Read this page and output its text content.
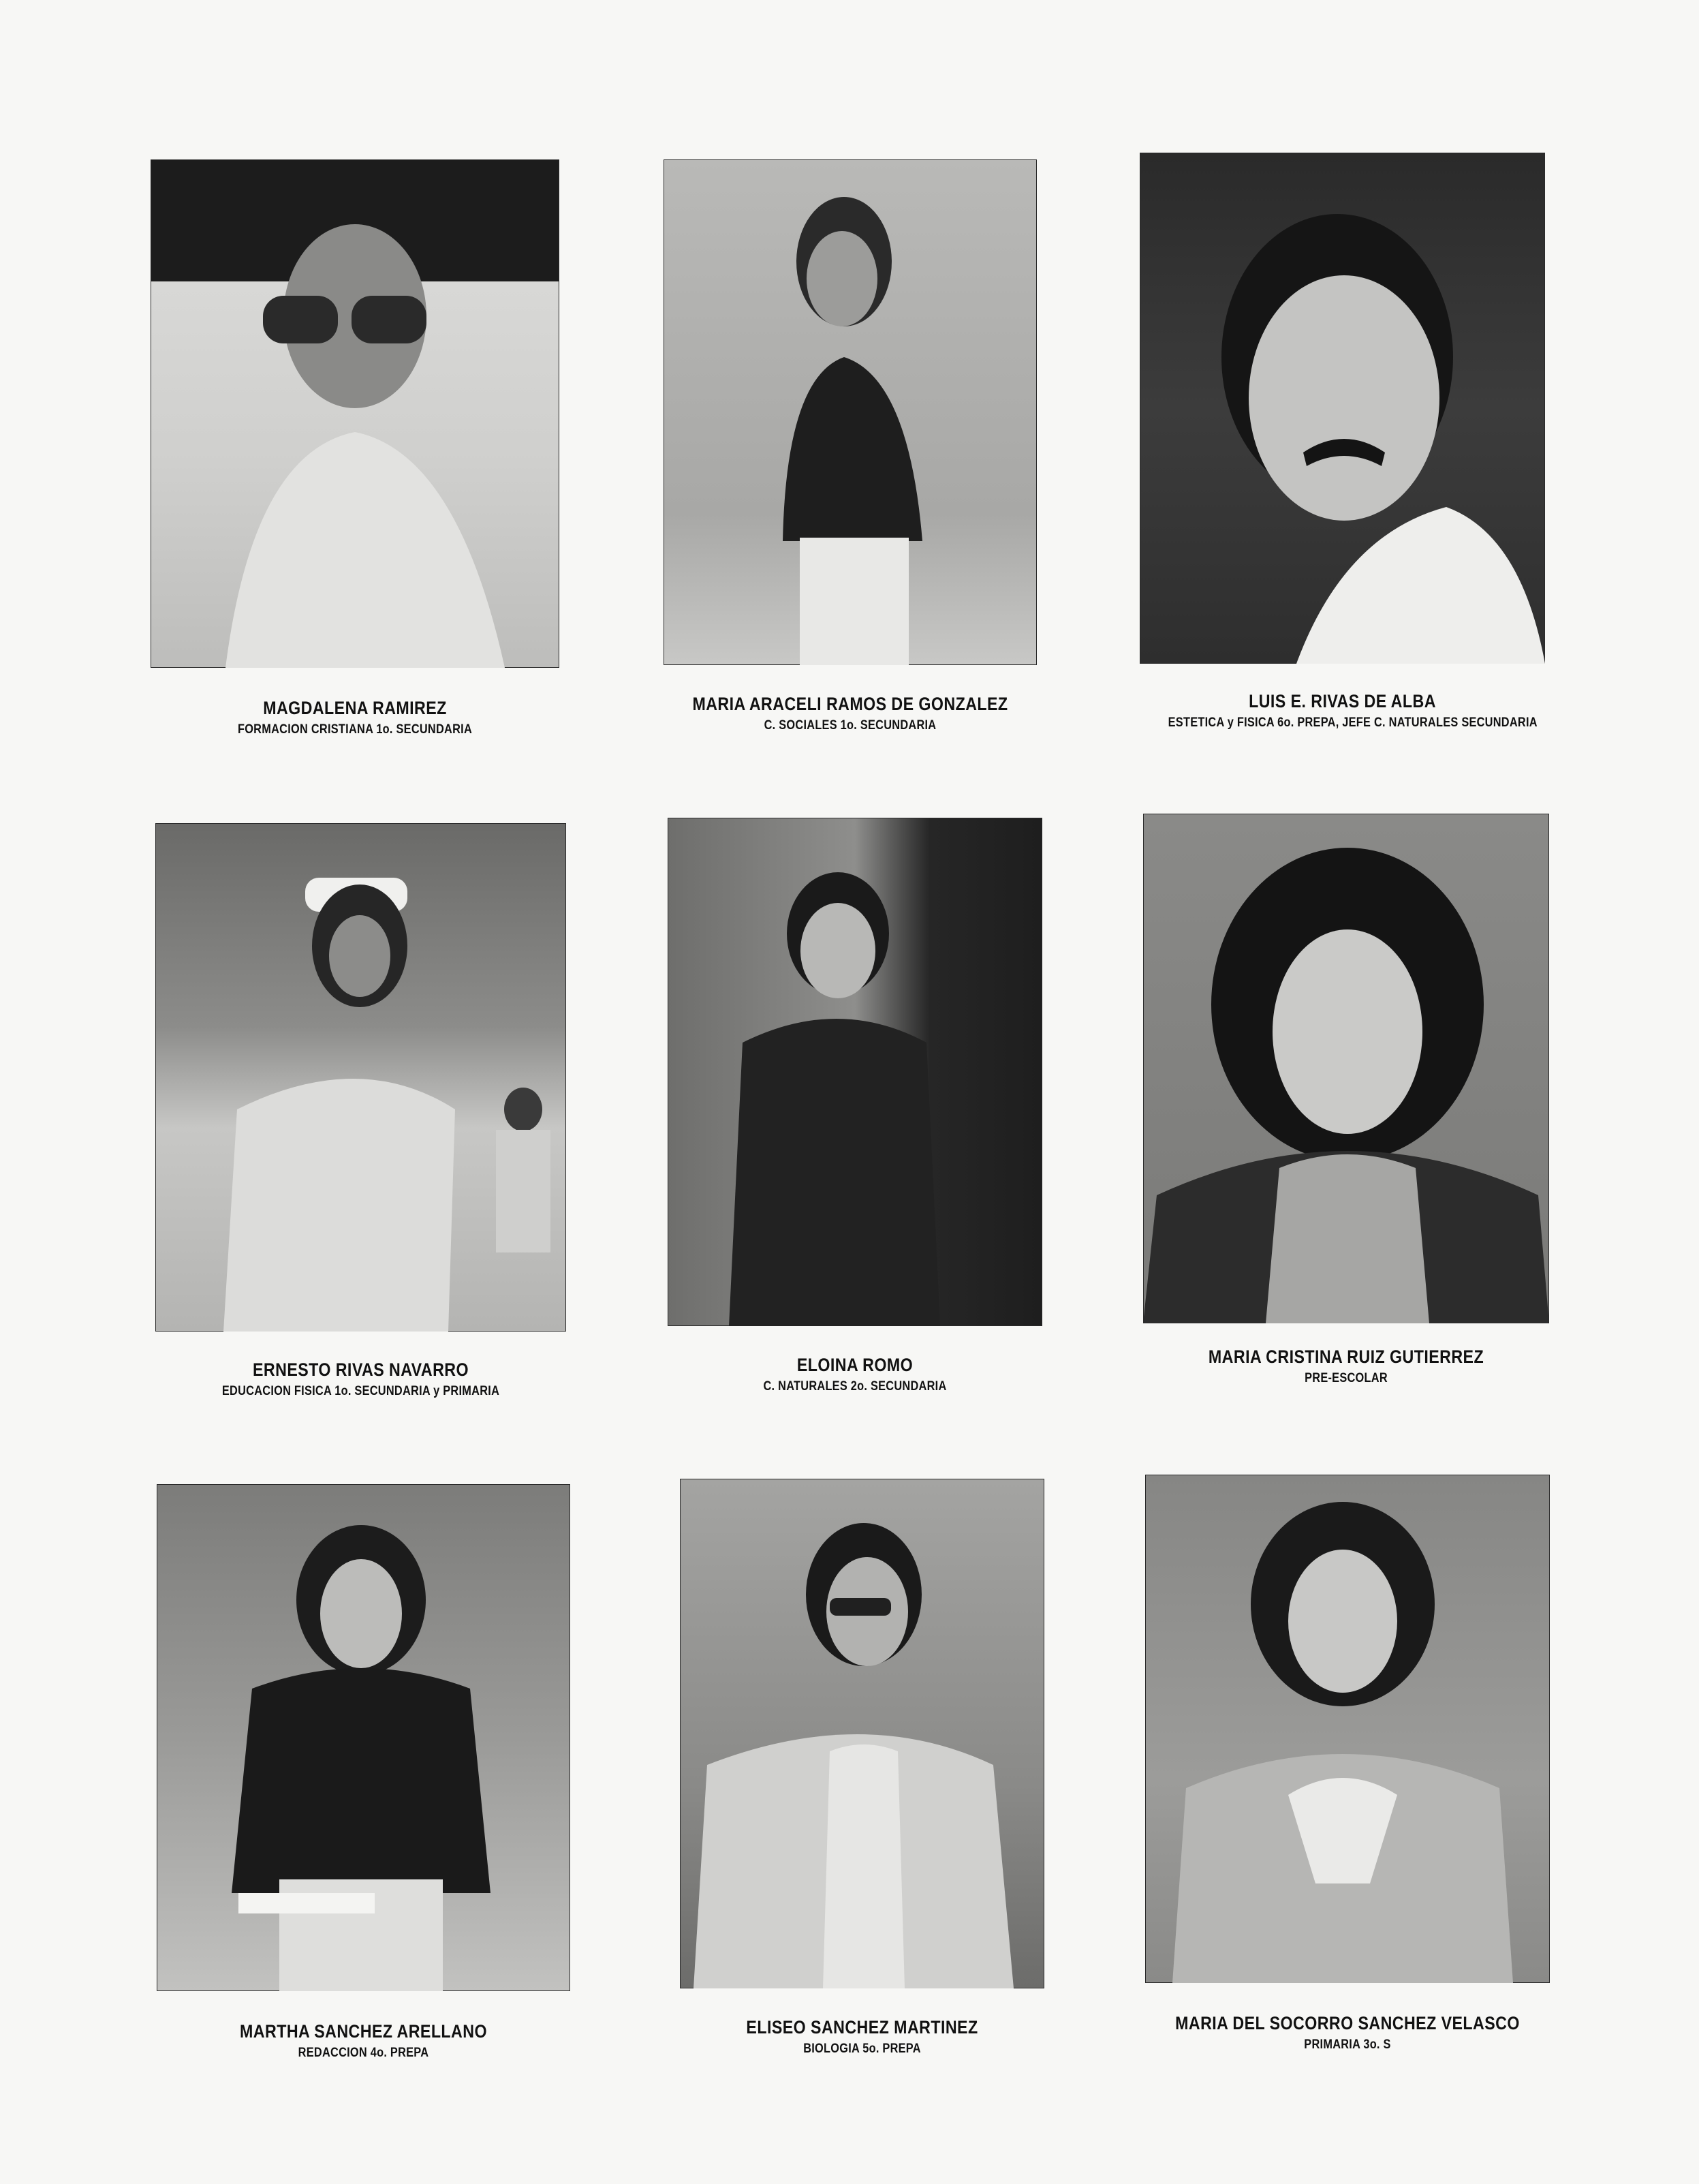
MAGDALENA RAMIREZ
FORMACION CRISTIANA 1o. SECUNDARIA
MARIA ARACELI RAMOS DE GONZALEZ
C. SOCIALES 1o. SECUNDARIA
LUIS E. RIVAS DE ALBA
ESTETICA y FISICA 6o. PREPA, JEFE C. NATURALES SECUNDARIA
ERNESTO RIVAS NAVARRO
EDUCACION FISICA 1o. SECUNDARIA y PRIMARIA
ELOINA ROMO
C. NATURALES 2o. SECUNDARIA
MARIA CRISTINA RUIZ GUTIERREZ
PRE-ESCOLAR
MARTHA SANCHEZ ARELLANO
REDACCION 4o. PREPA
ELISEO SANCHEZ MARTINEZ
BIOLOGIA 5o. PREPA
MARIA DEL SOCORRO SANCHEZ VELASCO
PRIMARIA 3o. S
